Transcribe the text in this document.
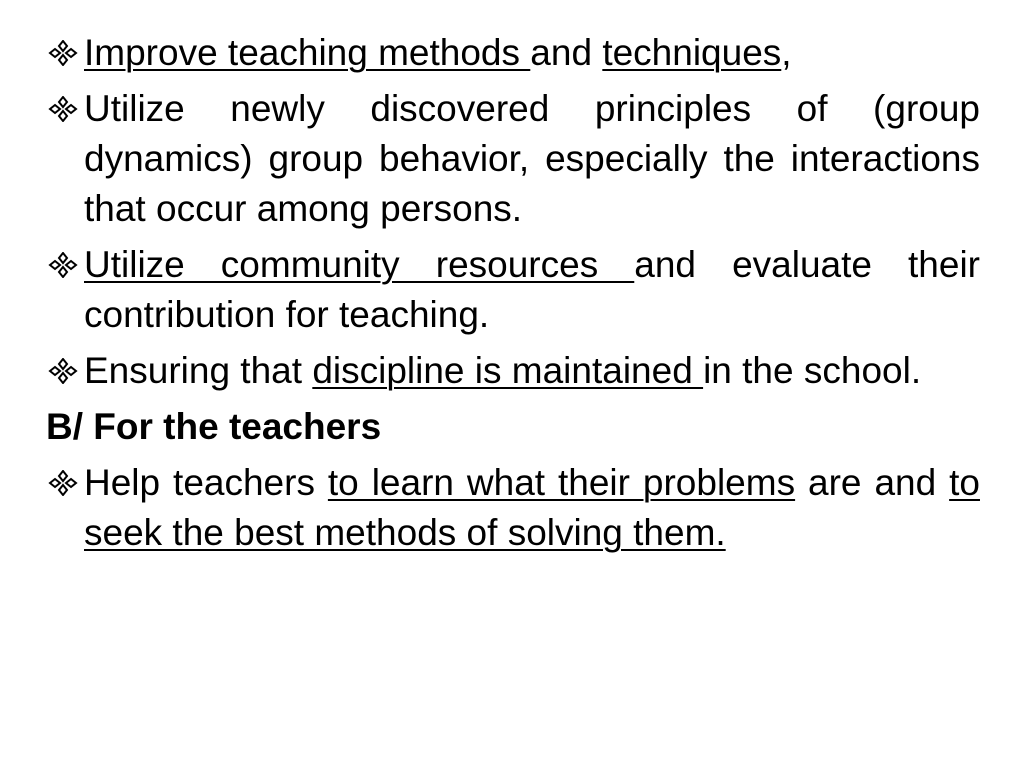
Improve teaching methods and techniques,
Utilize newly discovered principles of (group dynamics) group behavior, especially the interactions that occur among persons.
Utilize community resources and evaluate their contribution for teaching.
Ensuring that discipline is maintained in the school.
B/ For the teachers
Help teachers to learn what their problems are and to seek the best methods of solving them.
